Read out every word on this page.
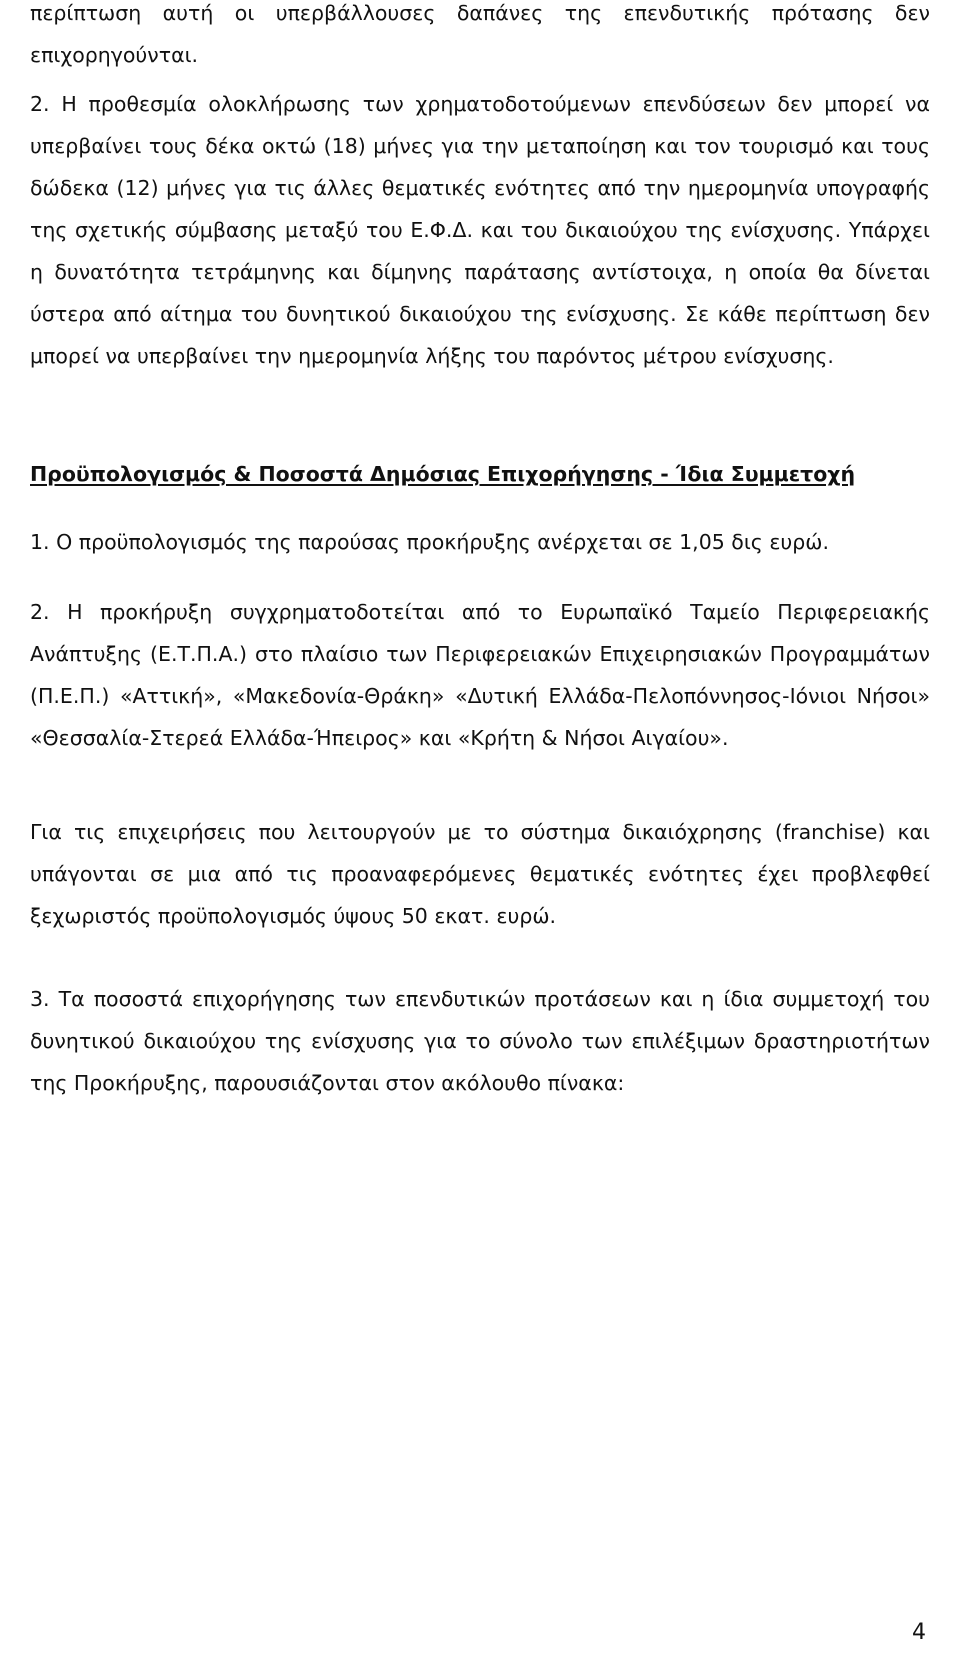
περίπτωση αυτή οι υπερβάλλουσες δαπάνες της επενδυτικής πρότασης δεν επιχορηγούνται.

2. Η προθεσμία ολοκλήρωσης των χρηματοδοτούμενων επενδύσεων δεν μπορεί να υπερβαίνει τους δέκα οκτώ (18) μήνες για την μεταποίηση και τον τουρισμό και τους δώδεκα (12) μήνες για τις άλλες θεματικές ενότητες από την ημερομηνία υπογραφής της σχετικής σύμβασης μεταξύ του Ε.Φ.Δ. και του δικαιούχου της ενίσχυσης. Υπάρχει η δυνατότητα τετράμηνης και δίμηνης παράτασης αντίστοιχα, η οποία θα δίνεται ύστερα από αίτημα του δυνητικού δικαιούχου της ενίσχυσης. Σε κάθε περίπτωση δεν μπορεί να υπερβαίνει την ημερομηνία λήξης του παρόντος μέτρου ενίσχυσης.

Προϋπολογισμός & Ποσοστά Δημόσιας Επιχορήγησης - Ίδια Συμμετοχή

1. Ο προϋπολογισμός της παρούσας προκήρυξης ανέρχεται σε 1,05 δις ευρώ.

2. Η προκήρυξη συγχρηματοδοτείται από το Ευρωπαϊκό Ταμείο Περιφερειακής Ανάπτυξης (Ε.Τ.Π.Α.) στο πλαίσιο των Περιφερειακών Επιχειρησιακών Προγραμμάτων (Π.Ε.Π.) «Αττική», «Μακεδονία-Θράκη» «Δυτική Ελλάδα-Πελοπόννησος-Ιόνιοι Νήσοι» «Θεσσαλία-Στερεά Ελλάδα-Ήπειρος» και «Κρήτη & Νήσοι Αιγαίου».

Για τις επιχειρήσεις που λειτουργούν με το σύστημα δικαιόχρησης (franchise) και υπάγονται σε μια από τις προαναφερόμενες θεματικές ενότητες έχει προβλεφθεί ξεχωριστός προϋπολογισμός ύψους 50 εκατ. ευρώ.

3. Τα ποσοστά επιχορήγησης των επενδυτικών προτάσεων και η ίδια συμμετοχή του δυνητικού δικαιούχου της ενίσχυσης για το σύνολο των επιλέξιμων δραστηριοτήτων της Προκήρυξης, παρουσιάζονται στον ακόλουθο πίνακα:

4
